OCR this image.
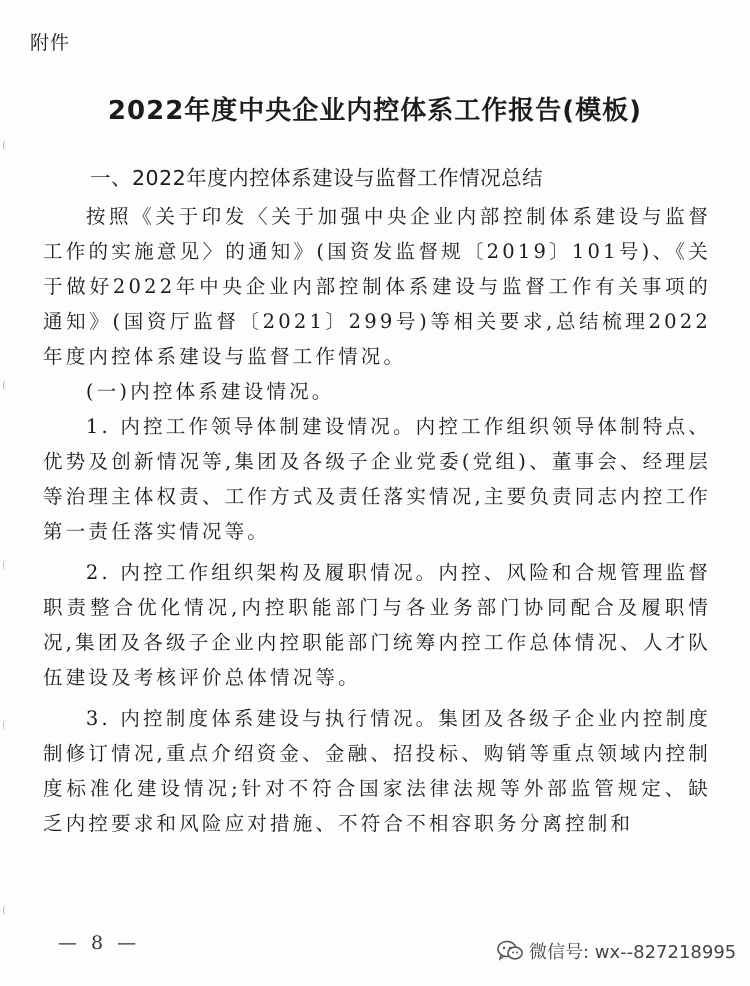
附件
2022年度中央企业内控体系工作报告(模板)
一、2022年度内控体系建设与监督工作情况总结

按照《关于印发〈关于加强中央企业内部控制体系建设与监督工作的实施意见〉的通知》(国资发监督规〔2019〕101号)、《关于做好2022年中央企业内部控制体系建设与监督工作有关事项的通知》(国资厅监督〔2021〕299号)等相关要求,总结梳理2022年度内控体系建设与监督工作情况。

(一)内控体系建设情况。

1. 内控工作领导体制建设情况。内控工作组织领导体制特点、优势及创新情况等,集团及各级子企业党委(党组)、董事会、经理层等治理主体权责、工作方式及责任落实情况,主要负责同志内控工作第一责任落实情况等。

2. 内控工作组织架构及履职情况。内控、风险和合规管理监督职责整合优化情况,内控职能部门与各业务部门协同配合及履职情况,集团及各级子企业内控职能部门统筹内控工作总体情况、人才队伍建设及考核评价总体情况等。

3. 内控制度体系建设与执行情况。集团及各级子企业内控制度制修订情况,重点介绍资金、金融、招投标、购销等重点领域内控制度标准化建设情况;针对不符合国家法律法规等外部监管规定、缺乏内控要求和风险应对措施、不符合不相容职务分离控制和

— 8 —	微信号: wx--827218995
